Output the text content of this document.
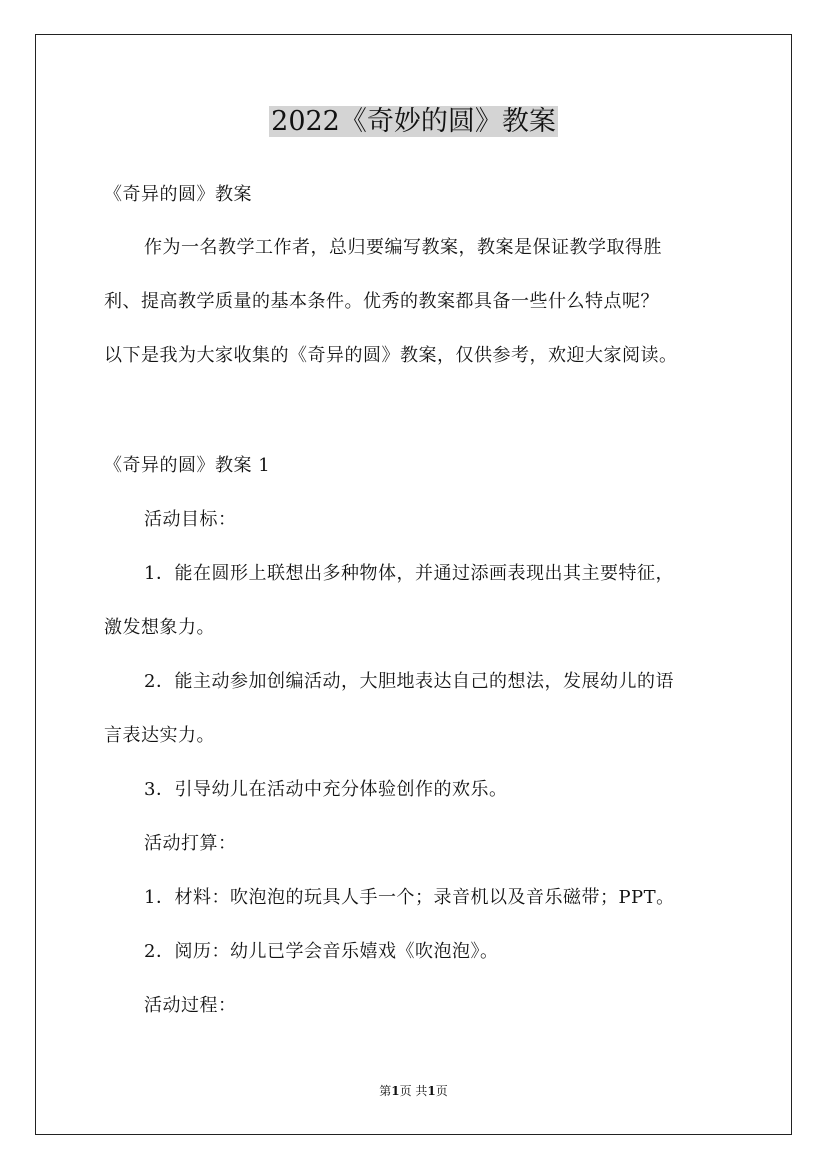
2022《奇妙的圆》教案
《奇异的圆》教案
作为一名教学工作者，总归要编写教案，教案是保证教学取得胜
利、提高教学质量的基本条件。优秀的教案都具备一些什么特点呢？
以下是我为大家收集的《奇异的圆》教案，仅供参考，欢迎大家阅读。
《奇异的圆》教案 1
活动目标：
1．能在圆形上联想出多种物体，并通过添画表现出其主要特征，
激发想象力。
2．能主动参加创编活动，大胆地表达自己的想法，发展幼儿的语
言表达实力。
3．引导幼儿在活动中充分体验创作的欢乐。
活动打算：
1．材料：吹泡泡的玩具人手一个；录音机以及音乐磁带；PPT。
2．阅历：幼儿已学会音乐嬉戏《吹泡泡》。
活动过程：
第1页 共1页
